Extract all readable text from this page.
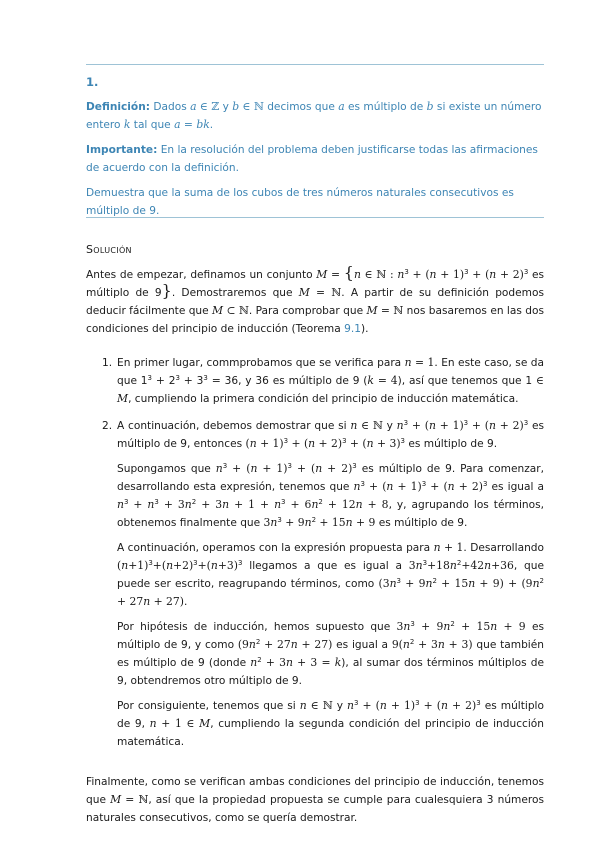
1.

Definición: Dados a ∈ ℤ y b ∈ ℕ decimos que a es múltiplo de b si existe un número entero k tal que a = bk.

Importante: En la resolución del problema deben justificarse todas las afirmaciones de acuerdo con la definición.

Demuestra que la suma de los cubos de tres números naturales consecutivos es múltiplo de 9.

Solución

Antes de empezar, definamos un conjunto M = {n ∈ ℕ : $n^3 + (n + 1)^3 + (n + 2)^3$ es múltiplo de 9}. Demostraremos que M = ℕ. A partir de su definición podemos deducir fácilmente que M ⊂ ℕ. Para comprobar que M = ℕ nos basaremos en las dos condiciones del principio de inducción (Teorema 9.1).

1. En primer lugar, commprobamos que se verifica para n = 1. En este caso, se da que $1^3 + 2^3 + 3^3 = 36$, y 36 es múltiplo de 9 (k = 4), así que tenemos que 1 ∈ M, cumpliendo la primera condición del principio de inducción matemática.

2. A continuación, debemos demostrar que si n ∈ ℕ y $n^3 + (n + 1)^3 + (n + 2)^3$ es múltiplo de 9, entonces $(n + 1)^3 + (n + 2)^3 + (n + 3)^3$ es múltiplo de 9.

Supongamos que $n^3 + (n + 1)^3 + (n + 2)^3$ es múltiplo de 9. Para comenzar, desarrollando esta expresión, tenemos que $n^3 + (n + 1)^3 + (n + 2)^3$ es igual a $n^3 + n^3 + 3n^2 + 3n + 1 + n^3 + 6n^2 + 12n + 8$, y, agrupando los términos, obtenemos finalmente que $3n^3 + 9n^2 + 15n + 9$ es múltiplo de 9.

A continuación, operamos con la expresión propuesta para n + 1. Desarrollando $(n+1)^3+(n+2)^3+(n+3)^3$ llegamos a que es igual a $3n^3+18n^2+42n+36$, que puede ser escrito, reagrupando términos, como $(3n^3 + 9n^2 + 15n + 9) + (9n^2 + 27n + 27)$.

Por hipótesis de inducción, hemos supuesto que $3n^3 + 9n^2 + 15n + 9$ es múltiplo de 9, y como $(9n^2 + 27n + 27)$ es igual a $9(n^2 + 3n + 3)$ que también es múltiplo de 9 (donde $n^2 + 3n + 3 = k$), al sumar dos términos múltiplos de 9, obtendremos otro múltiplo de 9.

Por consiguiente, tenemos que si n ∈ ℕ y $n^3 + (n + 1)^3 + (n + 2)^3$ es múltiplo de 9, n + 1 ∈ M, cumpliendo la segunda condición del principio de inducción matemática.

Finalmente, como se verifican ambas condiciones del principio de inducción, tenemos que M = ℕ, así que la propiedad propuesta se cumple para cualesquiera 3 números naturales consecutivos, como se quería demostrar.
